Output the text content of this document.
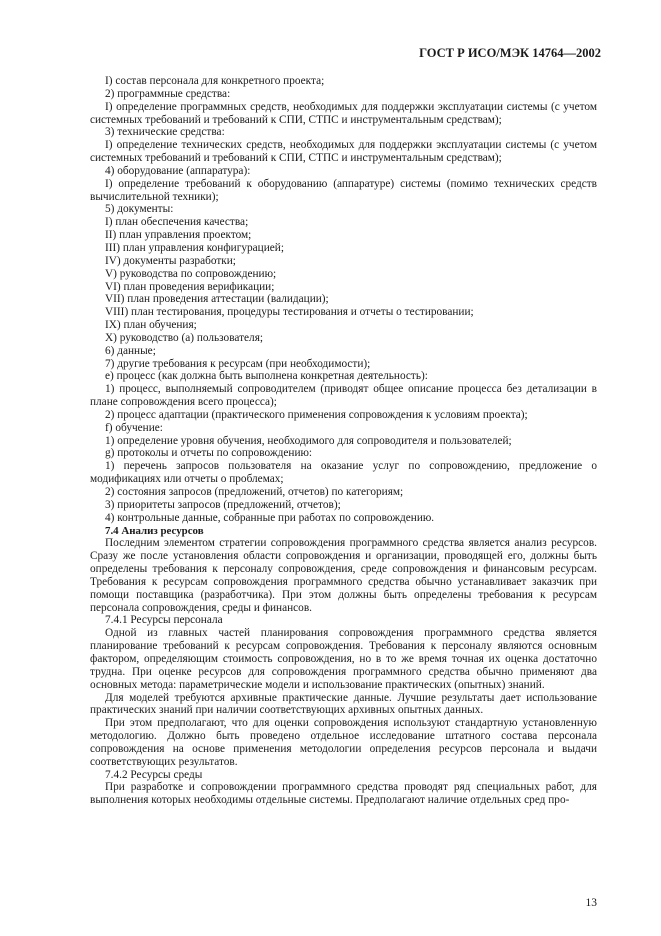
ГОСТ Р ИСО/МЭК 14764—2002

I) состав персонала для конкретного проекта;

2) программные средства:

I) определение программных средств, необходимых для поддержки эксплуатации системы (с учетом системных требований и требований к СПИ, СТПС и инструментальным средствам);

3) технические средства:

I) определение технических средств, необходимых для поддержки эксплуатации системы (с учетом системных требований и требований к СПИ, СТПС и инструментальным средствам);

4) оборудование (аппаратура):

I) определение требований к оборудованию (аппаратуре) системы (помимо технических средств вычислительной техники);

5) документы:

I) план обеспечения качества;

II) план управления проектом;

III) план управления конфигурацией;

IV) документы разработки;

V) руководства по сопровождению;

VI) план проведения верификации;

VII) план проведения аттестации (валидации);

VIII) план тестирования, процедуры тестирования и отчеты о тестировании;

IX) план обучения;

X) руководство (а) пользователя;

6) данные;

7) другие требования к ресурсам (при необходимости);

e) процесс (как должна быть выполнена конкретная деятельность):

1) процесс, выполняемый сопроводителем (приводят общее описание процесса без детализации в плане сопровождения всего процесса);

2) процесс адаптации (практического применения сопровождения к условиям проекта);

f) обучение:

1) определение уровня обучения, необходимого для сопроводителя и пользователей;

g) протоколы и отчеты по сопровождению:

1) перечень запросов пользователя на оказание услуг по сопровождению, предложение о модификациях или отчеты о проблемах;

2) состояния запросов (предложений, отчетов) по категориям;

3) приоритеты запросов (предложений, отчетов);

4) контрольные данные, собранные при работах по сопровождению.

7.4 Анализ ресурсов

Последним элементом стратегии сопровождения программного средства является анализ ресурсов. Сразу же после установления области сопровождения и организации, проводящей его, должны быть определены требования к персоналу сопровождения, среде сопровождения и финансовым ресурсам. Требования к ресурсам сопровождения программного средства обычно устанавливает заказчик при помощи поставщика (разработчика). При этом должны быть определены требования к ресурсам персонала сопровождения, среды и финансов.

7.4.1 Ресурсы персонала

Одной из главных частей планирования сопровождения программного средства является планирование требований к ресурсам сопровождения. Требования к персоналу являются основным фактором, определяющим стоимость сопровождения, но в то же время точная их оценка достаточно трудна. При оценке ресурсов для сопровождения программного средства обычно применяют два основных метода: параметрические модели и использование практических (опытных) знаний.

Для моделей требуются архивные практические данные. Лучшие результаты дает использование практических знаний при наличии соответствующих архивных опытных данных.

При этом предполагают, что для оценки сопровождения используют стандартную установленную методологию. Должно быть проведено отдельное исследование штатного состава персонала сопровождения на основе применения методологии определения ресурсов персонала и выдачи соответствующих результатов.

7.4.2 Ресурсы среды

При разработке и сопровождении программного средства проводят ряд специальных работ, для выполнения которых необходимы отдельные системы. Предполагают наличие отдельных сред про-

13
